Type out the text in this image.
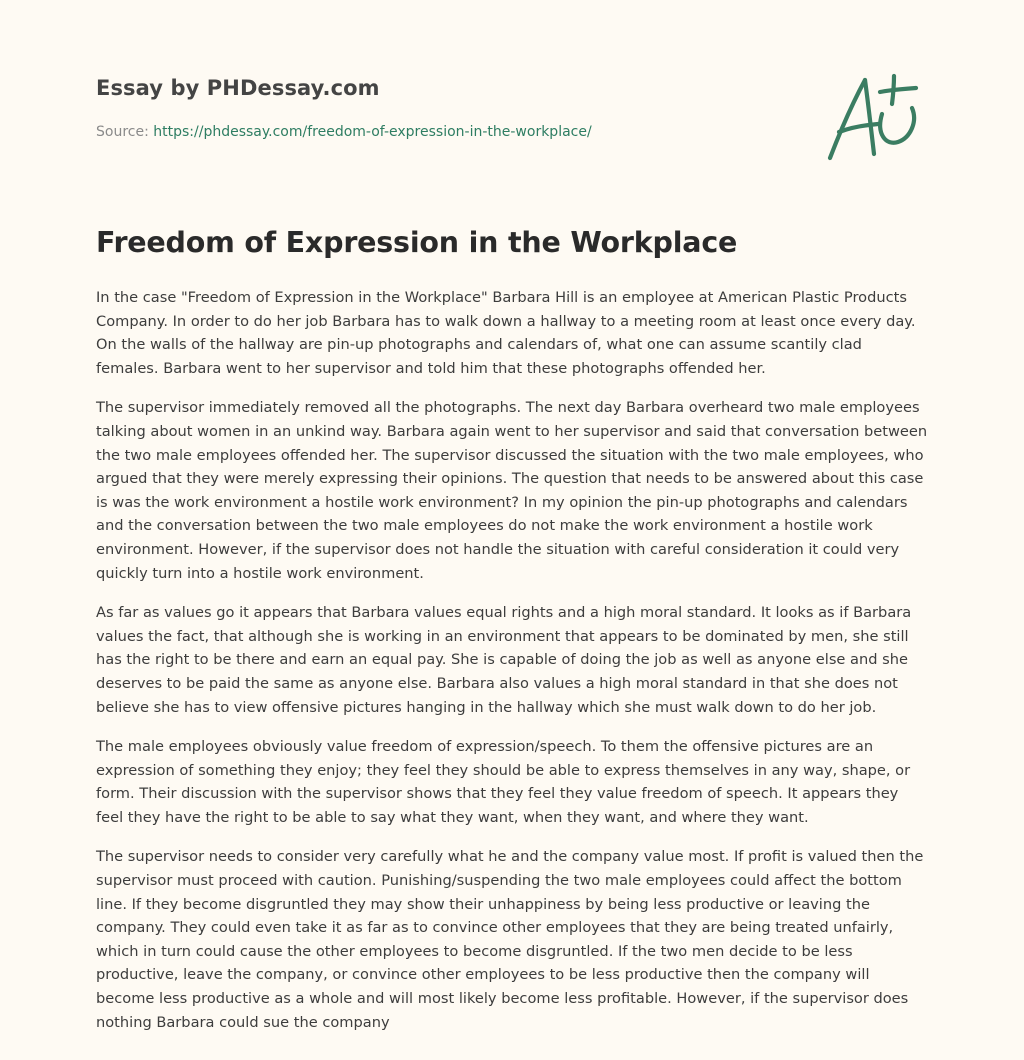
Essay by PHDessay.com
Source: https://phdessay.com/freedom-of-expression-in-the-workplace/
Freedom of Expression in the Workplace

In the case "Freedom of Expression in the Workplace" Barbara Hill is an employee at American Plastic Products Company. In order to do her job Barbara has to walk down a hallway to a meeting room at least once every day. On the walls of the hallway are pin-up photographs and calendars of, what one can assume scantily clad females. Barbara went to her supervisor and told him that these photographs offended her.

The supervisor immediately removed all the photographs. The next day Barbara overheard two male employees talking about women in an unkind way. Barbara again went to her supervisor and said that conversation between the two male employees offended her. The supervisor discussed the situation with the two male employees, who argued that they were merely expressing their opinions. The question that needs to be answered about this case is was the work environment a hostile work environment? In my opinion the pin-up photographs and calendars and the conversation between the two male employees do not make the work environment a hostile work environment. However, if the supervisor does not handle the situation with careful consideration it could very quickly turn into a hostile work environment.

As far as values go it appears that Barbara values equal rights and a high moral standard. It looks as if Barbara values the fact, that although she is working in an environment that appears to be dominated by men, she still has the right to be there and earn an equal pay. She is capable of doing the job as well as anyone else and she deserves to be paid the same as anyone else. Barbara also values a high moral standard in that she does not believe she has to view offensive pictures hanging in the hallway which she must walk down to do her job.

The male employees obviously value freedom of expression/speech. To them the offensive pictures are an expression of something they enjoy; they feel they should be able to express themselves in any way, shape, or form. Their discussion with the supervisor shows that they feel they value freedom of speech. It appears they feel they have the right to be able to say what they want, when they want, and where they want.

The supervisor needs to consider very carefully what he and the company value most. If profit is valued then the supervisor must proceed with caution. Punishing/suspending the two male employees could affect the bottom line. If they become disgruntled they may show their unhappiness by being less productive or leaving the company. They could even take it as far as to convince other employees that they are being treated unfairly, which in turn could cause the other employees to become disgruntled. If the two men decide to be less productive, leave the company, or convince other employees to be less productive then the company will become less productive as a whole and will most likely become less profitable. However, if the supervisor does nothing Barbara could sue the company
